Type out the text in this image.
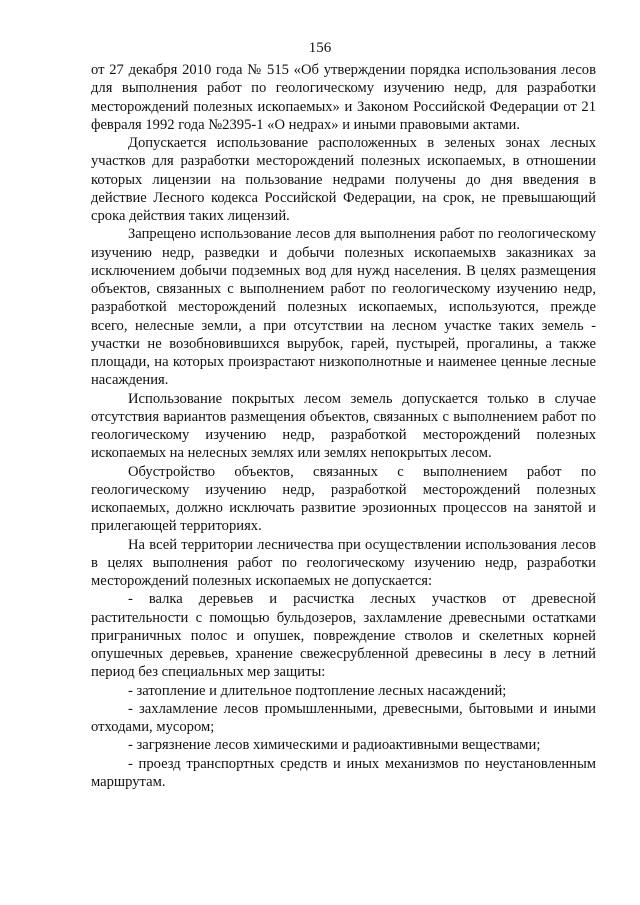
156

от 27 декабря 2010 года № 515 «Об утверждении порядка использования лесов для выполнения работ по геологическому изучению недр, для разработки месторождений полезных ископаемых» и Законом Российской Федерации от 21 февраля 1992 года №2395-1 «О недрах» и иными правовыми актами.

Допускается использование расположенных в зеленых зонах лесных участков для разработки месторождений полезных ископаемых, в отношении которых лицензии на пользование недрами получены до дня введения в действие Лесного кодекса Российской Федерации, на срок, не превышающий срока действия таких лицензий.

Запрещено использование лесов для выполнения работ по геологическому изучению недр, разведки и добычи полезных ископаемыхв заказниках за исключением добычи подземных вод для нужд населения. В целях размещения объектов, связанных с выполнением работ по геологическому изучению недр, разработкой месторождений полезных ископаемых, используются, прежде всего, нелесные земли, а при отсутствии на лесном участке таких земель - участки не возобновившихся вырубок, гарей, пустырей, прогалины, а также площади, на которых произрастают низкополнотные и наименее ценные лесные насаждения.

Использование покрытых лесом земель допускается только в случае отсутствия вариантов размещения объектов, связанных с выполнением работ по геологическому изучению недр, разработкой месторождений полезных ископаемых на нелесных землях или землях непокрытых лесом.

Обустройство объектов, связанных с выполнением работ по геологическому изучению недр, разработкой месторождений полезных ископаемых, должно исключать развитие эрозионных процессов на занятой и прилегающей территориях.

На всей территории лесничества при осуществлении использования лесов в целях выполнения работ по геологическому изучению недр, разработки месторождений полезных ископаемых не допускается:

- валка деревьев и расчистка лесных участков от древесной растительности с помощью бульдозеров, захламление древесными остатками приграничных полос и опушек, повреждение стволов и скелетных корней опушечных деревьев, хранение свежесрубленной древесины в лесу в летний период без специальных мер защиты:

- затопление и длительное подтопление лесных насаждений;

- захламление лесов промышленными, древесными, бытовыми и иными отходами, мусором;

- загрязнение лесов химическими и радиоактивными веществами;

- проезд транспортных средств и иных механизмов по неустановленным маршрутам.
